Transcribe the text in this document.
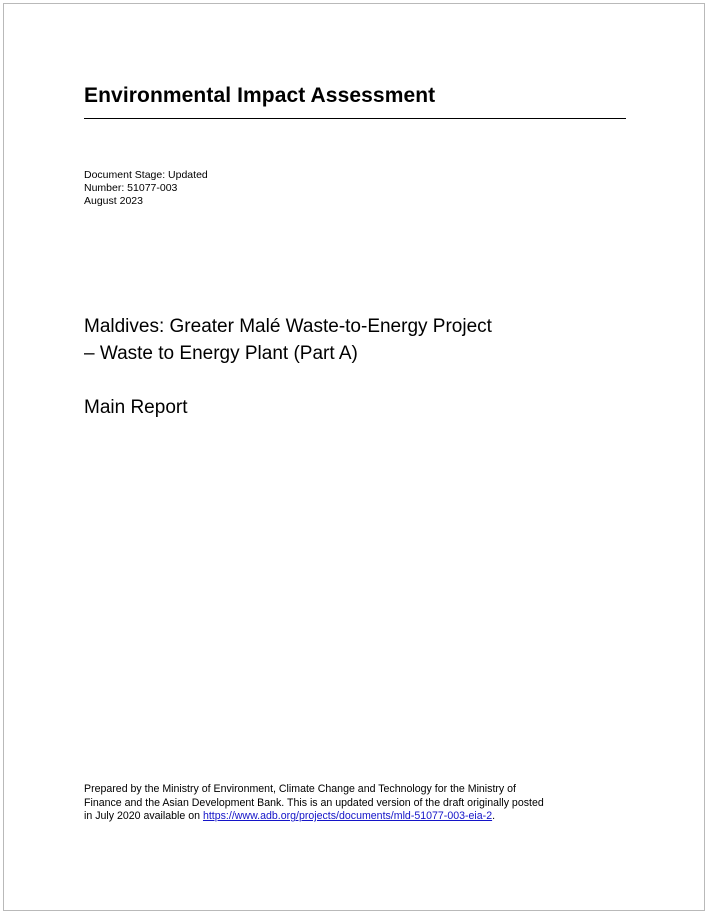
Environmental Impact Assessment
Document Stage: Updated
Number: 51077-003
August 2023
Maldives: Greater Malé Waste-to-Energy Project
– Waste to Energy Plant (Part A)
Main Report
Prepared by the Ministry of Environment, Climate Change and Technology for the Ministry of
Finance and the Asian Development Bank. This is an updated version of the draft originally posted
in July 2020 available on https://www.adb.org/projects/documents/mld-51077-003-eia-2.
